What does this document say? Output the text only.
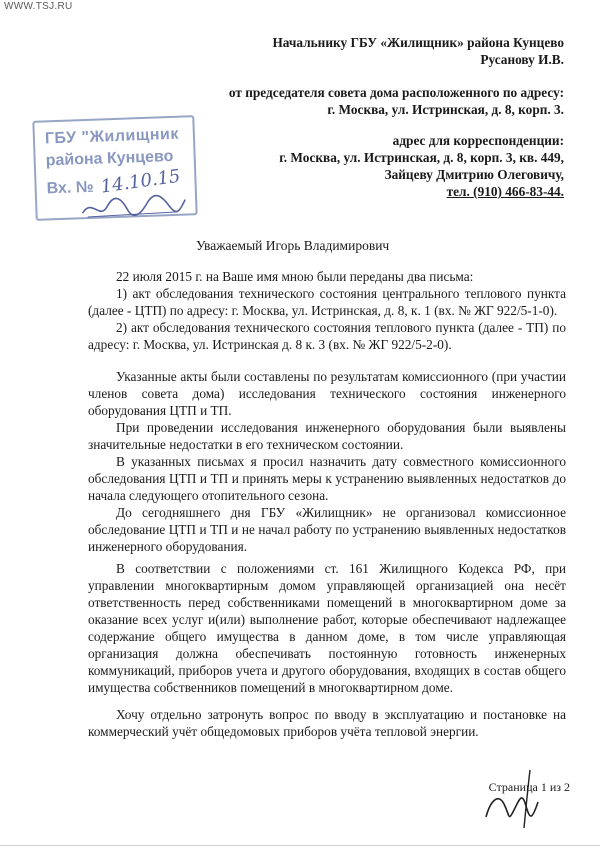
WWW.TSJ.RU
Начальнику ГБУ «Жилищник» района Кунцево
Русанову И.В.
от председателя совета дома расположенного по адресу:
г. Москва, ул. Истринская, д. 8, корп. 3.
адрес для корреспонденции:
г. Москва, ул. Истринская, д. 8, корп. 3, кв. 449,
Зайцеву Дмитрию Олеговичу,
тел. (910) 466-83-44.
ГБУ "Жилищник
района Кунцево
Вх. № 14.10.15
Уважаемый Игорь Владимирович

22 июля 2015 г. на Ваше имя мною были переданы два письма:

1) акт обследования технического состояния центрального теплового пункта (далее - ЦТП) по адресу: г. Москва, ул. Истринская, д. 8, к. 1 (вх. № ЖГ 922/5-1-0).

2) акт обследования технического состояния теплового пункта (далее - ТП) по адресу: г. Москва, ул. Истринская д. 8 к. 3 (вх. № ЖГ 922/5-2-0).

Указанные акты были составлены по результатам комиссионного (при участии членов совета дома) исследования технического состояния инженерного оборудования ЦТП и ТП.

При проведении исследования инженерного оборудования были выявлены значительные недостатки в его техническом состоянии.

В указанных письмах я просил назначить дату совместного комиссионного обследования ЦТП и ТП и принять меры к устранению выявленных недостатков до начала следующего отопительного сезона.

До сегодняшнего дня ГБУ «Жилищник» не организовал комиссионное обследование ЦТП и ТП и не начал работу по устранению выявленных недостатков инженерного оборудования.

В соответствии с положениями ст. 161 Жилищного Кодекса РФ, при управлении многоквартирным домом управляющей организацией она несёт ответственность перед собственниками помещений в многоквартирном доме за оказание всех услуг и(или) выполнение работ, которые обеспечивают надлежащее содержание общего имущества в данном доме, в том числе управляющая организация должна обеспечивать постоянную готовность инженерных коммуникаций, приборов учета и другого оборудования, входящих в состав общего имущества собственников помещений в многоквартирном доме.

Хочу отдельно затронуть вопрос по вводу в эксплуатацию и постановке на коммерческий учёт общедомовых приборов учёта тепловой энергии.

Страница 1 из 2
